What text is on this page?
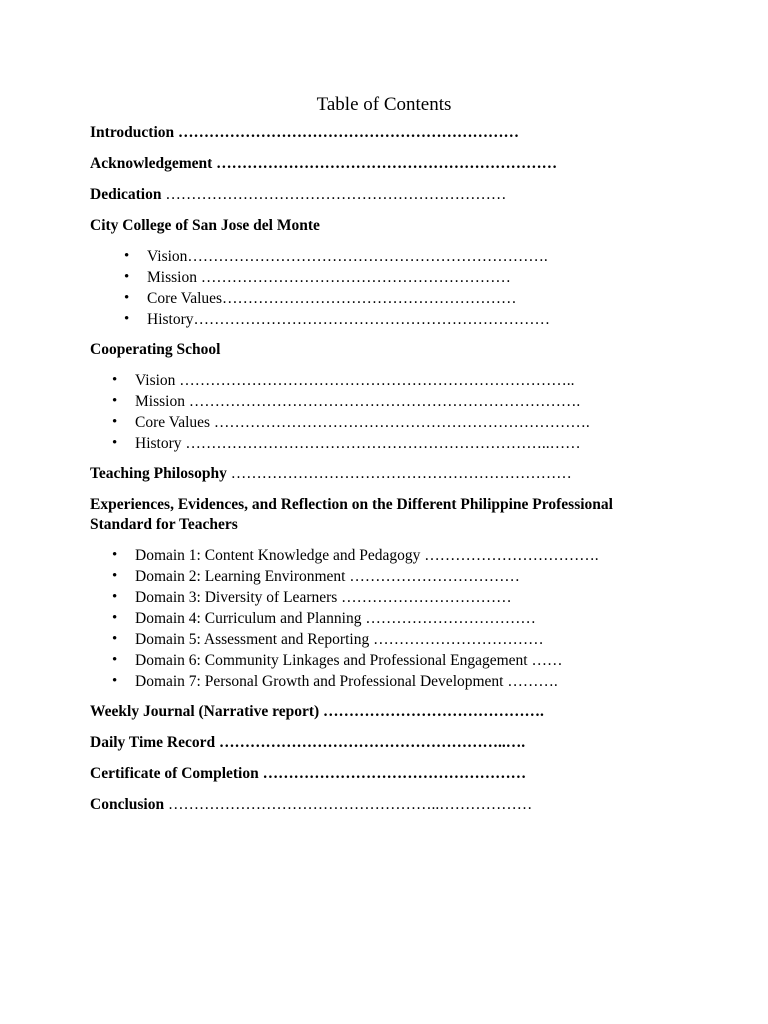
Table of Contents
Introduction …………………………………………………………
Acknowledgement …………………………………………………………
Dedication …………………………………………………………
City College of San Jose del Monte
• Vision…………………………………………………………….
• Mission ……………………………………………………
• Core Values…………………………………………………
• History……………………………………………………………
Cooperating School
• Vision …………………………………………………………………..
• Mission ………………………………………………………………….
• Core Values ……………………………………………………………….
• History ……………………………………………………………..……
Teaching Philosophy …………………………………………………………
Experiences, Evidences, and Reflection on the Different Philippine Professional Standard for Teachers
• Domain 1: Content Knowledge and Pedagogy …………………………….
• Domain 2: Learning Environment ……………………………
• Domain 3: Diversity of Learners ……………………………
• Domain 4: Curriculum and Planning ……………………………
• Domain 5: Assessment and Reporting ……………………………
• Domain 6: Community Linkages and Professional Engagement ……
• Domain 7: Personal Growth and Professional Development ……….
Weekly Journal (Narrative report) …………………………………….
Daily Time Record ………………………………………………..….
Certificate of Completion ……………………………………………
Conclusion ……………………………………………..………………
